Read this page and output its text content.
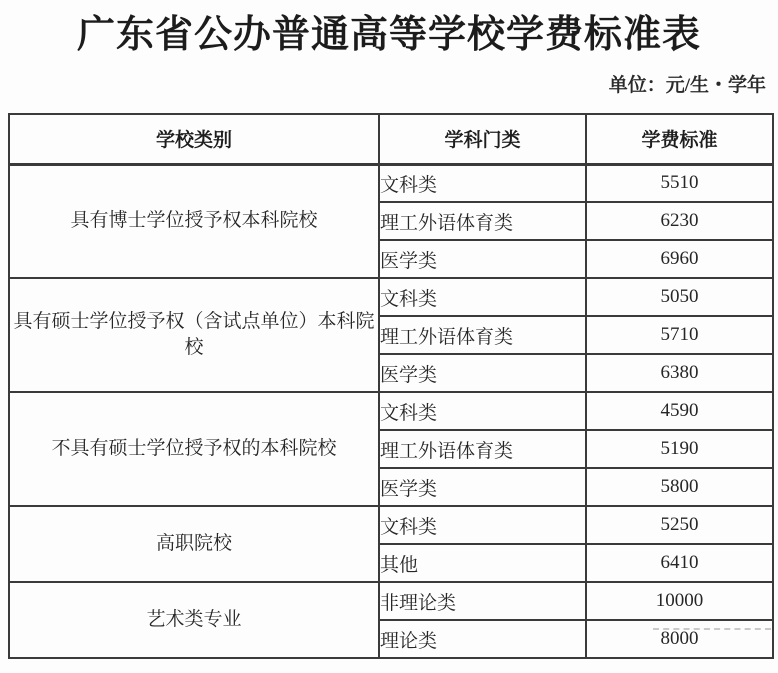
广东省公办普通高等学校学费标准表
单位：元/生・学年
学校类别	学科门类	学费标准
具有博士学位授予权本科院校	文科类	5510
	理工外语体育类	6230
	医学类	6960
具有硕士学位授予权（含试点单位）本科院校	文科类	5050
	理工外语体育类	5710
	医学类	6380
不具有硕士学位授予权的本科院校	文科类	4590
	理工外语体育类	5190
	医学类	5800
高职院校	文科类	5250
	其他	6410
艺术类专业	非理论类	10000
	理论类	8000
